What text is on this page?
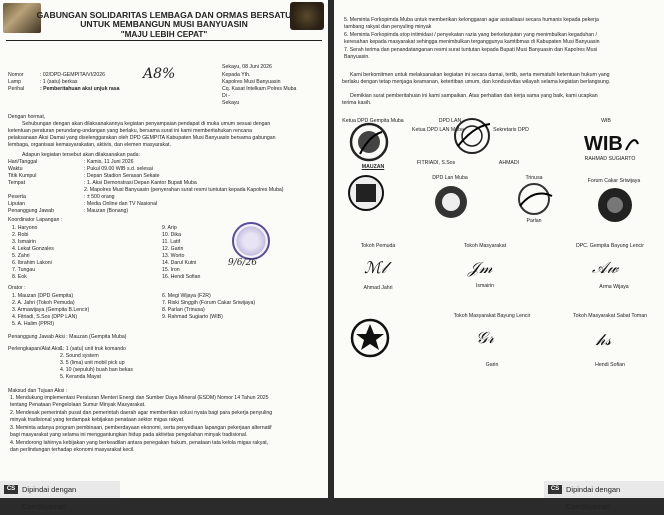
GABUNGAN SOLIDARITAS LEMBAGA DAN ORMAS BERSATU
UNTUK MEMBANGUN MUSI BANYUASIN
"MAJU LEBIH CEPAT"
Nomor	: 02/DPD-GEMPITA/VI/2026
Lamp	: 1 (satu) berkas
Perihal	: Pemberitahuan aksi unjuk rasa
A8%	Sekayu, 08 Juni 2026
Kepada Yth.
Kapolres Musi Banyuasin
Cq. Kasat Intelkam Polres Muba
Di -
Sekayu
Dengan hormat,
Sehubungan dengan akan dilaksanakannya kegiatan penyampaian pendapat di muka umum sesuai dengan
ketentuan peraturan perundang-undangan yang berlaku, bersama surat ini kami memberitahukan rencana
pelaksanaan Aksi Damai yang diselenggarakan oleh DPD GEMPITA Kabupaten Musi Banyuasin bersama gabungan
lembaga, organisasi kemasyarakatan, aktivis, dan elemen masyarakat.
Adapun kegiatan tersebut akan dilaksanakan pada:
Hari/Tanggal	: Kamis, 11 Juni 2026
Waktu	: Pukul 09.00 WIB s.d. selesai
Titik Kumpul	: Depan Stadion Serasan Sekate
Tempat	: 1. Aksi Demonstrasi Depan Kantor Bupati Muba
2. Mapolres Musi Banyuasin (penyerahan surat resmi tuntutan kepada Kapolres Muba)
Peserta	: ± 500 orang
Liputan	: Media Online dan TV Nasional
Penanggung Jawab	: Mauzan (Bonang)
9/6/26
Koordinator Lapangan :
1. Haryono
2. Robi
3. Ismairin
4. Lekat Gonzales
5. Zahri
6. Ibrahim Lakoni
7. Tungau
8. Eok
9. Arip
10. Dika
11. Latif
12. Garin
13. Worto
14. Darul Kutni
15. Iron
16. Hendi Sofian
Orator :
1. Mauzan (DPD Gempita)
2. A. Jahri (Tokoh Pemuda)
3. Armawijaya (Gempita B.Lencir)
4. Fitriadi, S.Sos (DPP LAN)
5. A. Halim (PPRI)
6. Megi Wijaya (F2R)
7. Riski Singgih (Forum Cakar Sriwijaya)
8. Parlan (Trinusa)
9. Rahmad Sugiarto (WIB)
Penanggung Jawab Aksi : Mauzan (Gempita Muba)
Perlengkapan/Alat Aksi :
1. 1 (satu) unit truk komando
2. Sound system
3. 5 (lima) unit mobil pick up
4. 10 (sepuluh) buah ban bekas
5. Keranda Mayat
Maksud dan Tujuan Aksi :
1. Mendukung implementasi Peraturan Menteri Energi dan Sumber Daya Mineral (ESDM) Nomor 14 Tahun 2025
tentang Penataan Pengelolaan Sumur Minyak Masyarakat.
2. Mendesak pemerintah pusat dan pemerintah daerah agar memberikan solusi nyata bagi para pekerja penyuling
minyak tradisional yang terdampak kebijakan penataan sektor migas rakyat.
3. Meminta adanya program pembinaan, pemberdayaan ekonomi, serta penyediaan lapangan pekerjaan alternatif
bagi masyarakat yang selama ini menggantungkan hidup pada aktivitas pengolahan minyak tradisional.
4. Mendorong lahirnya kebijakan yang berkeadilan antara penegakan hukum, penataan tata kelola migas rakyat,
dan perlindungan terhadap ekonomi masyarakat kecil.
CS Dipindai dengan CamScanner
5. Meminta Forkopimda Muba untuk memberikan kelonggaran agar asisalisasi secara humanis kepada pekerja
tambang rakyat dan penyuling minyak
6. Meminta Forkopimda stop intimidasi / penyekatan razia yang berkelanjutan yang menimbulkan kegaduhan /
keresahan kepada masyarakat sehingga menimbulkan terganggunya kamtibmas di Kabupaten Musi Banyuasin
7. Serah terima dan penandatanganan resmi surat tuntutan kepada Bupati Musi Banyuasin dan Kapolres Musi
Banyuasin.
Kami berkomitmen untuk melaksanakan kegiatan ini secara damai, tertib, serta mematuhi ketentuan hukum yang
berlaku dengan tetap menjaga keamanan, ketertiban umum, dan kondusivitas wilayah selama kegiatan berlangsung.
Demikian surat pemberitahuan ini kami sampaikan. Atas perhatian dan kerja sama yang baik, kami ucapkan
terima kasih.
Ketua DPD Gempita Muba
MAUZAN
Ketua DPD LAN Muba
FITRIADI, S.Sos
Sekretaris DPD
AHMADI
DPD LAN	WIB
WIB
RAHMAD SUGIARTO
DPD Lan Muba	Trinusa
Parlan
Forum Cakar Sriwijaya
Tokoh Pemuda
ℳ𝓁
Ahmad Jahri
Tokoh Masyarakat
𝒥𝓂
Ismairin
DPC. Gempita Bayung Lencir
𝒜𝓌
Arma Wijaya
Tokoh Masyarakat Bayung Lencir
𝒢𝓇
Garin
Tokoh Masyarakat Sabat Toman
𝒽𝓈
Hendi Sofian
CS Dipindai dengan CamScanner
